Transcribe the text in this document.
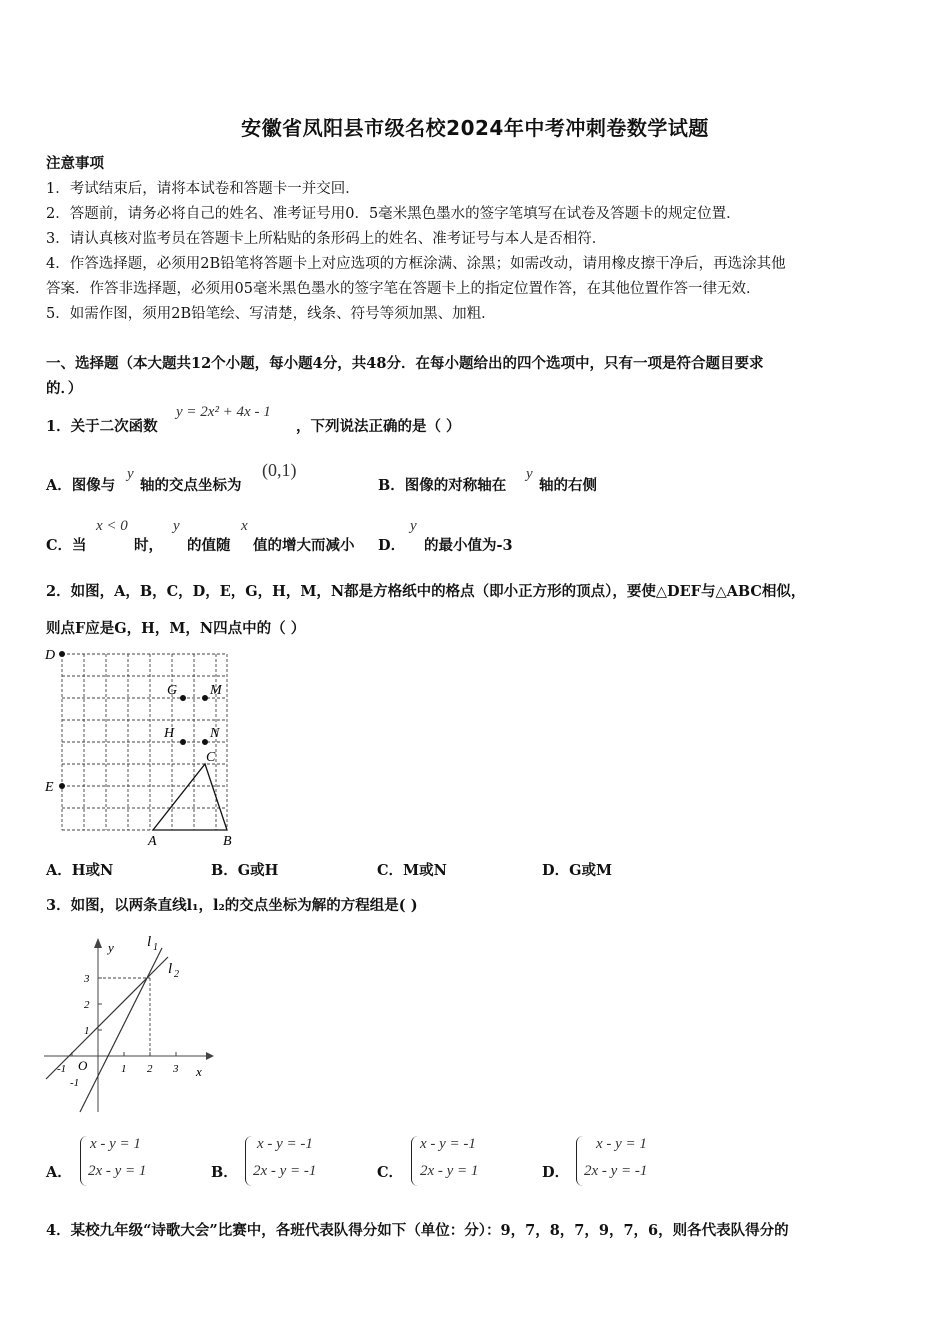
安徽省凤阳县市级名校2024年中考冲刺卷数学试题
注意事项
1．考试结束后，请将本试卷和答题卡一并交回．
2．答题前，请务必将自己的姓名、准考证号用0．5毫米黑色墨水的签字笔填写在试卷及答题卡的规定位置．
3．请认真核对监考员在答题卡上所粘贴的条形码上的姓名、准考证号与本人是否相符．
4．作答选择题，必须用2B铅笔将答题卡上对应选项的方框涂满、涂黑；如需改动，请用橡皮擦干净后，再选涂其他
答案．作答非选择题，必须用05毫米黑色墨水的签字笔在答题卡上的指定位置作答，在其他位置作答一律无效．
5．如需作图，须用2B铅笔绘、写清楚，线条、符号等须加黑、加粗．
一、选择题（本大题共12个小题，每小题4分，共48分．在每小题给出的四个选项中，只有一项是符合题目要求
的．）
1．关于二次函数
y = 2x² + 4x - 1
，下列说法正确的是（ ）
A．图像与
y
轴的交点坐标为
(0,1)
B．图像的对称轴在
y
轴的右侧
C．当
x < 0
时，
y
的值随
x
值的增大而减小 D．
y
的最小值为-3
2．如图，A，B，C，D，E，G，H，M，N都是方格纸中的格点（即小正方形的顶点），要使△DEF与△ABC相似，
则点F应是G，H，M，N四点中的（ ）
D
E
G M
H	N
C
A	B
A．H或N	B．G或H	C．M或N	D．G或M
3．如图，以两条直线l₁，l₂的交点坐标为解的方程组是( )
y
x
O
l 1
l 2
-1	1 2 3
3
2
1
-1
A．
x - y = 1
2x - y = 1	B．
x - y = -1
2x - y = -1	C．
x - y = -1
2x - y = 1	D．
x - y = 1
2x - y = -1
4．某校九年级“诗歌大会”比赛中，各班代表队得分如下（单位：分）：9，7，8，7，9，7，6，则各代表队得分的
